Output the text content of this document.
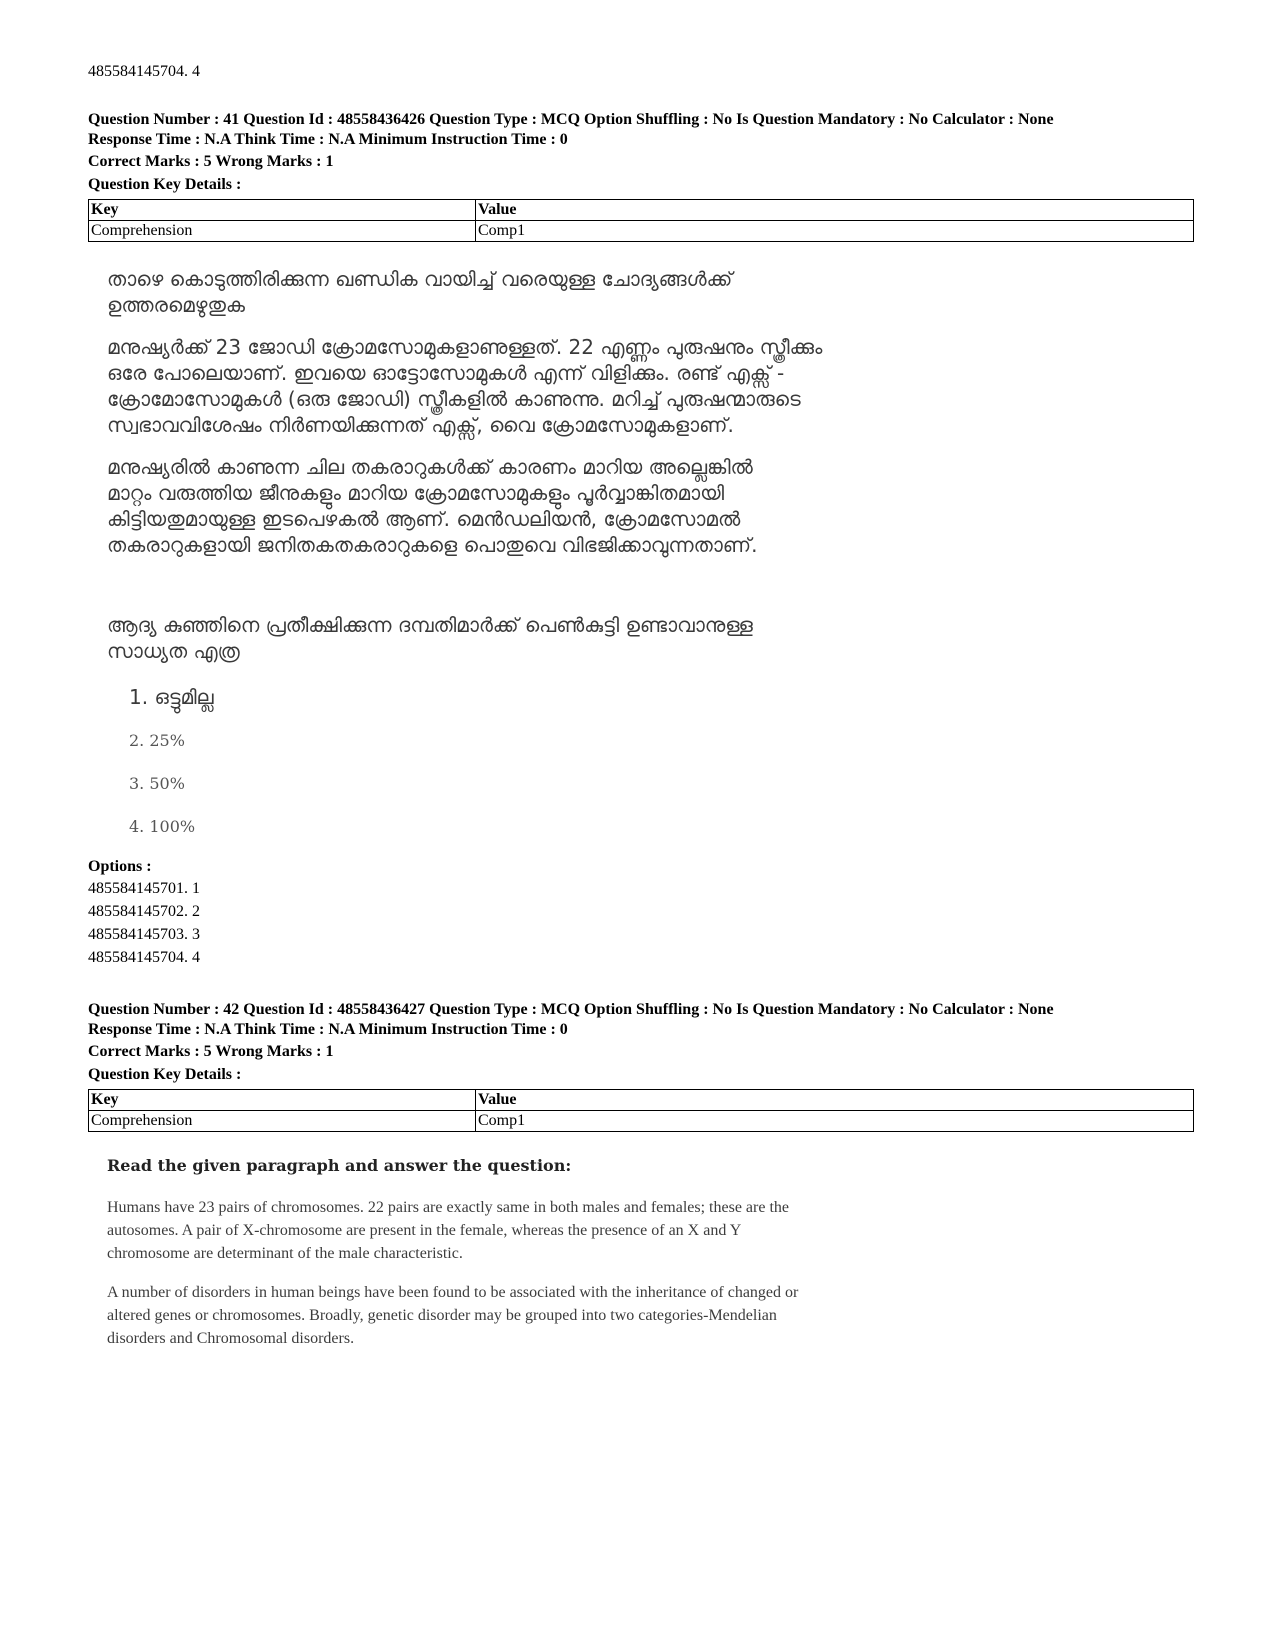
485584145704. 4
Question Number : 41 Question Id : 48558436426 Question Type : MCQ Option Shuffling : No Is Question Mandatory : No Calculator : None
Response Time : N.A Think Time : N.A Minimum Instruction Time : 0
Correct Marks : 5 Wrong Marks : 1
Question Key Details :
Key	Value
Comprehension	Comp1
താഴെ കൊടുത്തിരിക്കുന്ന ഖണ്ഡിക വായിച്ച് വരെയുള്ള ചോദ്യങ്ങൾക്ക്
ഉത്തരമെഴുതുക
മനുഷ്യർക്ക് 23 ജോഡി ക്രോമസോമുകളാണുള്ളത്. 22 എണ്ണം പുരുഷനും സ്ത്രീക്കും
ഒരേ പോലെയാണ്. ഇവയെ ഓട്ടോസോമുകൾ എന്ന് വിളിക്കും. രണ്ട് എക്സ് -
ക്രോമോസോമുകൾ (ഒരു ജോഡി) സ്ത്രീകളിൽ കാണുന്നു. മറിച്ച് പുരുഷന്മാരുടെ
സ്വഭാവവിശേഷം നിർണയിക്കുന്നത് എക്സ്, വൈ ക്രോമസോമുകളാണ്.
മനുഷ്യരിൽ കാണുന്ന ചില തകരാറുകൾക്ക് കാരണം മാറിയ അല്ലെങ്കിൽ
മാറ്റം വരുത്തിയ ജീനുകളും മാറിയ ക്രോമസോമുകളും പൂർവ്വാങ്കിതമായി
കിട്ടിയതുമായുള്ള ഇടപെഴകൽ ആണ്. മെൻഡലിയൻ, ക്രോമസോമൽ
തകരാറുകളായി ജനിതകതകരാറുകളെ പൊതുവെ വിഭജിക്കാവുന്നതാണ്.
ആദ്യ കുഞ്ഞിനെ പ്രതീക്ഷിക്കുന്ന ദമ്പതിമാർക്ക് പെൺകുട്ടി ഉണ്ടാവാനുള്ള
സാധ്യത എത്ര
1. ഒട്ടുമില്ല
2. 25%
3. 50%
4. 100%
Options :
485584145701. 1
485584145702. 2
485584145703. 3
485584145704. 4
Question Number : 42 Question Id : 48558436427 Question Type : MCQ Option Shuffling : No Is Question Mandatory : No Calculator : None
Response Time : N.A Think Time : N.A Minimum Instruction Time : 0
Correct Marks : 5 Wrong Marks : 1
Question Key Details :
Key	Value
Comprehension	Comp1
Read the given paragraph and answer the question:
Humans have 23 pairs of chromosomes. 22 pairs are exactly same in both males and females; these are the
autosomes. A pair of X-chromosome are present in the female, whereas the presence of an X and Y
chromosome are determinant of the male characteristic.
A number of disorders in human beings have been found to be associated with the inheritance of changed or
altered genes or chromosomes. Broadly, genetic disorder may be grouped into two categories-Mendelian
disorders and Chromosomal disorders.
